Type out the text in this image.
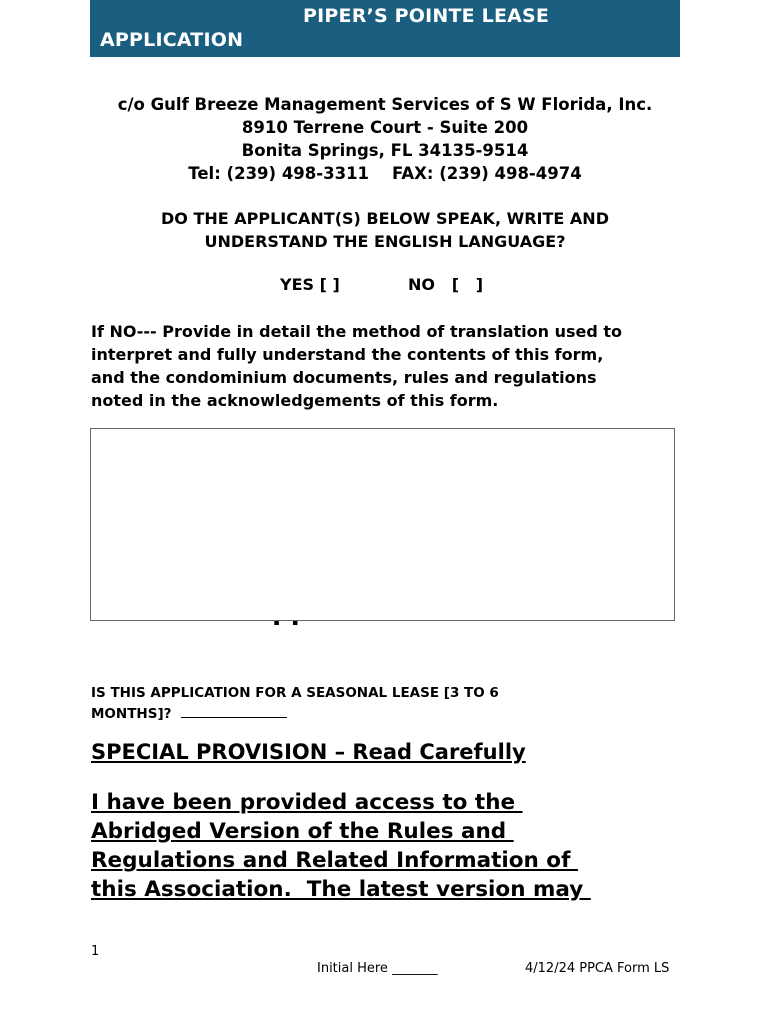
PIPER’S POINTE LEASE
APPLICATION
c/o Gulf Breeze Management Services of S W Florida, Inc.
8910 Terrene Court - Suite 200
Bonita Springs, FL 34135-9514
Tel: (239) 498-3311    FAX: (239) 498-4974
DO THE APPLICANT(S) BELOW SPEAK, WRITE AND
UNDERSTAND THE ENGLISH LANGUAGE?
YES [ ]	NO   [   ]
If NO--- Provide in detail the method of translation used to
interpret and fully understand the contents of this form,
and the condominium documents, rules and regulations
noted in the acknowledgements of this form.
IS THIS APPLICATION FOR A SEASONAL LEASE [3 TO 6
MONTHS]?
SPECIAL PROVISION – Read Carefully
I have been provided access to the
Abridged Version of the Rules and
Regulations and Related Information of
this Association.  The latest version may
1
Initial Here _______	4/12/24 PPCA Form LS
